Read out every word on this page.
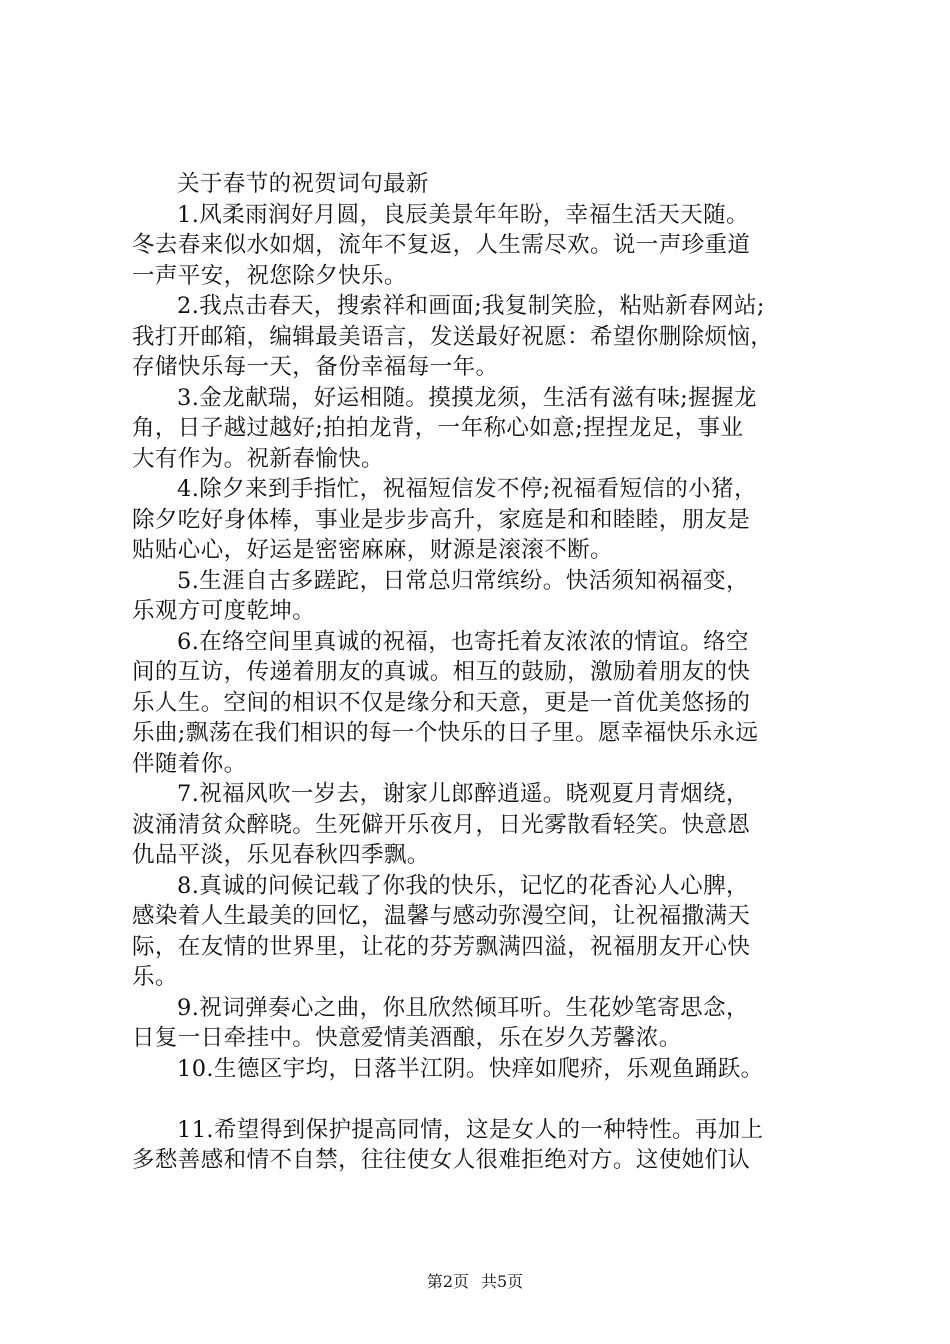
关于春节的祝贺词句最新
1.风柔雨润好月圆，良辰美景年年盼，幸福生活天天随。
冬去春来似水如烟，流年不复返，人生需尽欢。说一声珍重道
一声平安，祝您除夕快乐。
2.我点击春天，搜索祥和画面;我复制笑脸，粘贴新春网站;
我打开邮箱，编辑最美语言，发送最好祝愿：希望你删除烦恼，
存储快乐每一天，备份幸福每一年。
3.金龙献瑞，好运相随。摸摸龙须，生活有滋有味;握握龙
角，日子越过越好;拍拍龙背，一年称心如意;捏捏龙足，事业
大有作为。祝新春愉快。
4.除夕来到手指忙，祝福短信发不停;祝福看短信的小猪，
除夕吃好身体棒，事业是步步高升，家庭是和和睦睦，朋友是
贴贴心心，好运是密密麻麻，财源是滚滚不断。
5.生涯自古多蹉跎，日常总归常缤纷。快活须知祸福变，
乐观方可度乾坤。
6.在络空间里真诚的祝福，也寄托着友浓浓的情谊。络空
间的互访，传递着朋友的真诚。相互的鼓励，激励着朋友的快
乐人生。空间的相识不仅是缘分和天意，更是一首优美悠扬的
乐曲;飘荡在我们相识的每一个快乐的日子里。愿幸福快乐永远
伴随着你。
7.祝福风吹一岁去，谢家儿郎醉逍遥。晓观夏月青烟绕，
波涌清贫众醉晓。生死僻开乐夜月，日光雾散看轻笑。快意恩
仇品平淡，乐见春秋四季飘。
8.真诚的问候记载了你我的快乐，记忆的花香沁人心脾，
感染着人生最美的回忆，温馨与感动弥漫空间，让祝福撒满天
际，在友情的世界里，让花的芬芳飘满四溢，祝福朋友开心快
乐。
9.祝词弹奏心之曲，你且欣然倾耳听。生花妙笔寄思念，
日复一日牵挂中。快意爱情美酒酿，乐在岁久芳馨浓。
10.生德区宇均，日落半江阴。快痒如爬疥，乐观鱼踊跃。
11.希望得到保护提高同情，这是女人的一种特性。再加上
多愁善感和情不自禁，往往使女人很难拒绝对方。这使她们认
第2页 共5页
